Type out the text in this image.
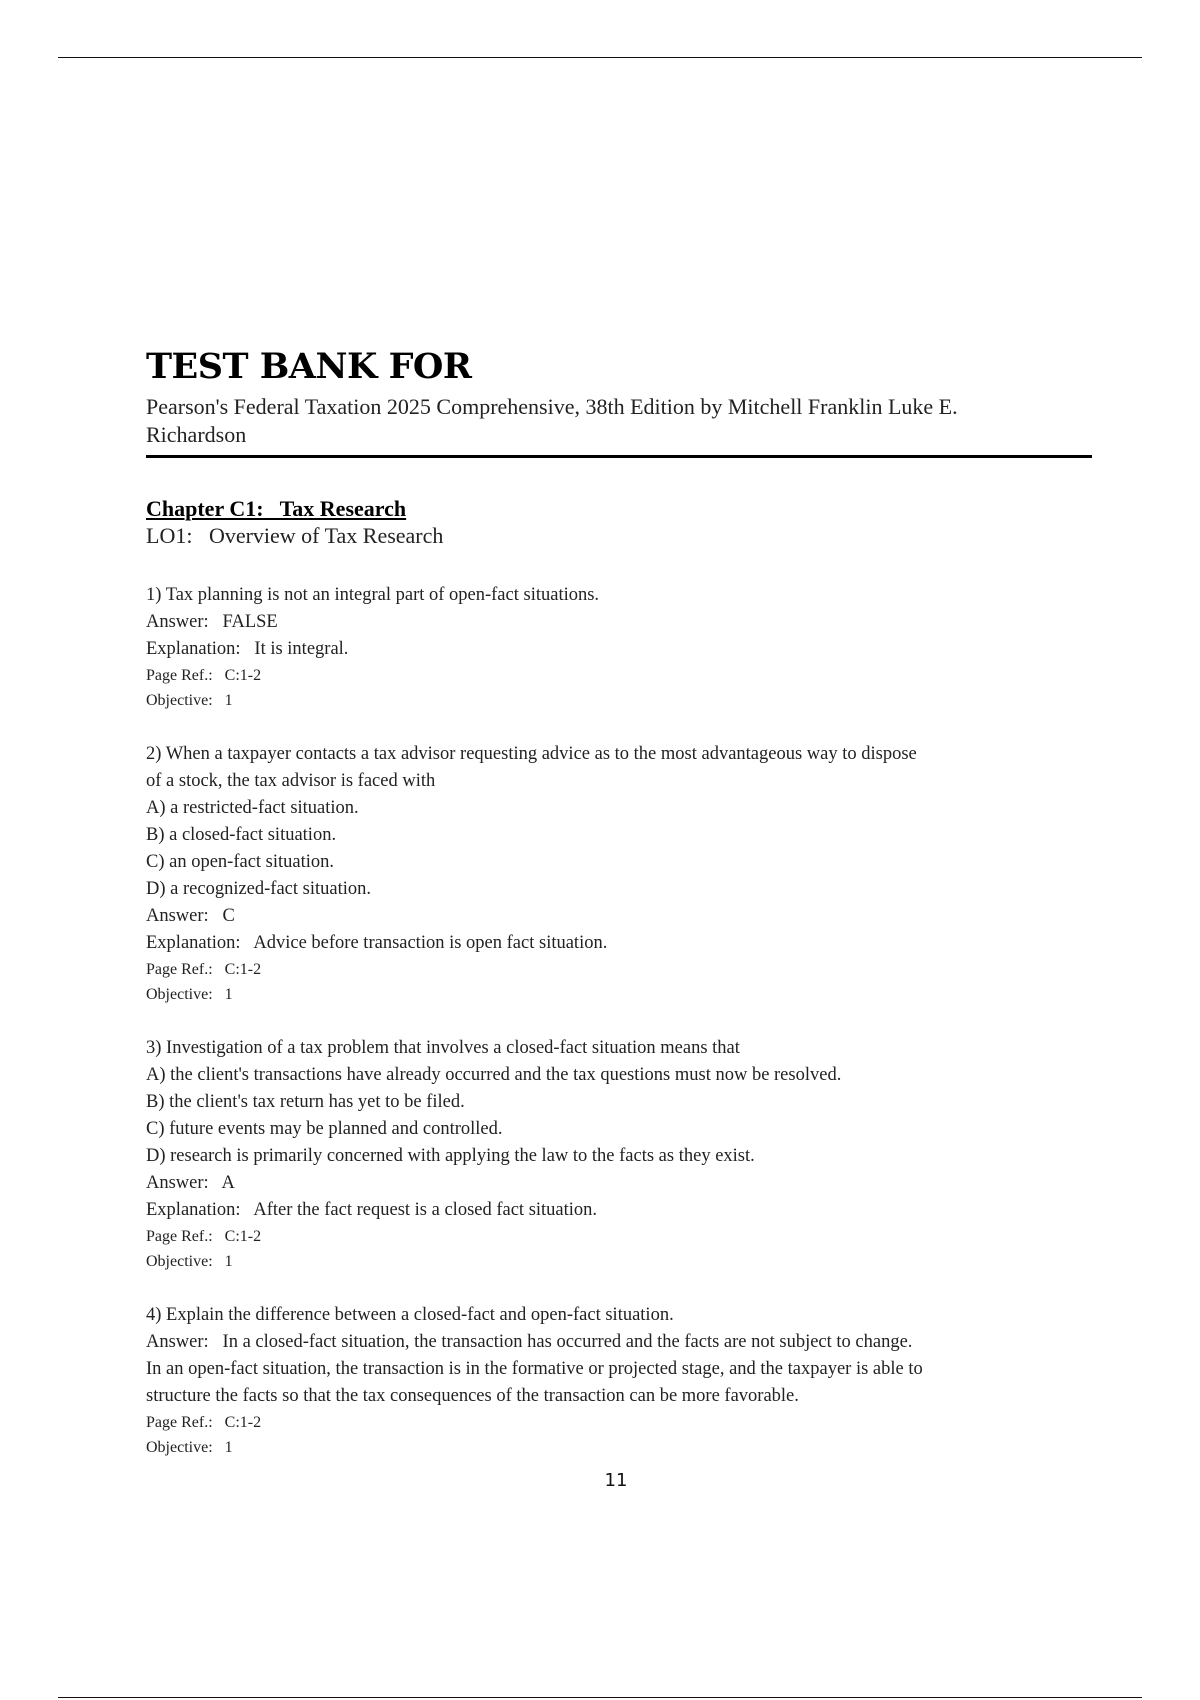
TEST BANK FOR
Pearson's Federal Taxation 2025 Comprehensive, 38th Edition by Mitchell Franklin Luke E.
Richardson
Chapter C1:   Tax Research
LO1:   Overview of Tax Research
1) Tax planning is not an integral part of open-fact situations.
Answer:   FALSE
Explanation:   It is integral.
Page Ref.:   C:1-2
Objective:   1
2) When a taxpayer contacts a tax advisor requesting advice as to the most advantageous way to dispose
of a stock, the tax advisor is faced with
A) a restricted-fact situation.
B) a closed-fact situation.
C) an open-fact situation.
D) a recognized-fact situation.
Answer:   C
Explanation:   Advice before transaction is open fact situation.
Page Ref.:   C:1-2
Objective:   1
3) Investigation of a tax problem that involves a closed-fact situation means that
A) the client's transactions have already occurred and the tax questions must now be resolved.
B) the client's tax return has yet to be filed.
C) future events may be planned and controlled.
D) research is primarily concerned with applying the law to the facts as they exist.
Answer:   A
Explanation:   After the fact request is a closed fact situation.
Page Ref.:   C:1-2
Objective:   1
4) Explain the difference between a closed-fact and open-fact situation.
Answer:   In a closed-fact situation, the transaction has occurred and the facts are not subject to change.
In an open-fact situation, the transaction is in the formative or projected stage, and the taxpayer is able to
structure the facts so that the tax consequences of the transaction can be more favorable.
Page Ref.:   C:1-2
Objective:   1
11
